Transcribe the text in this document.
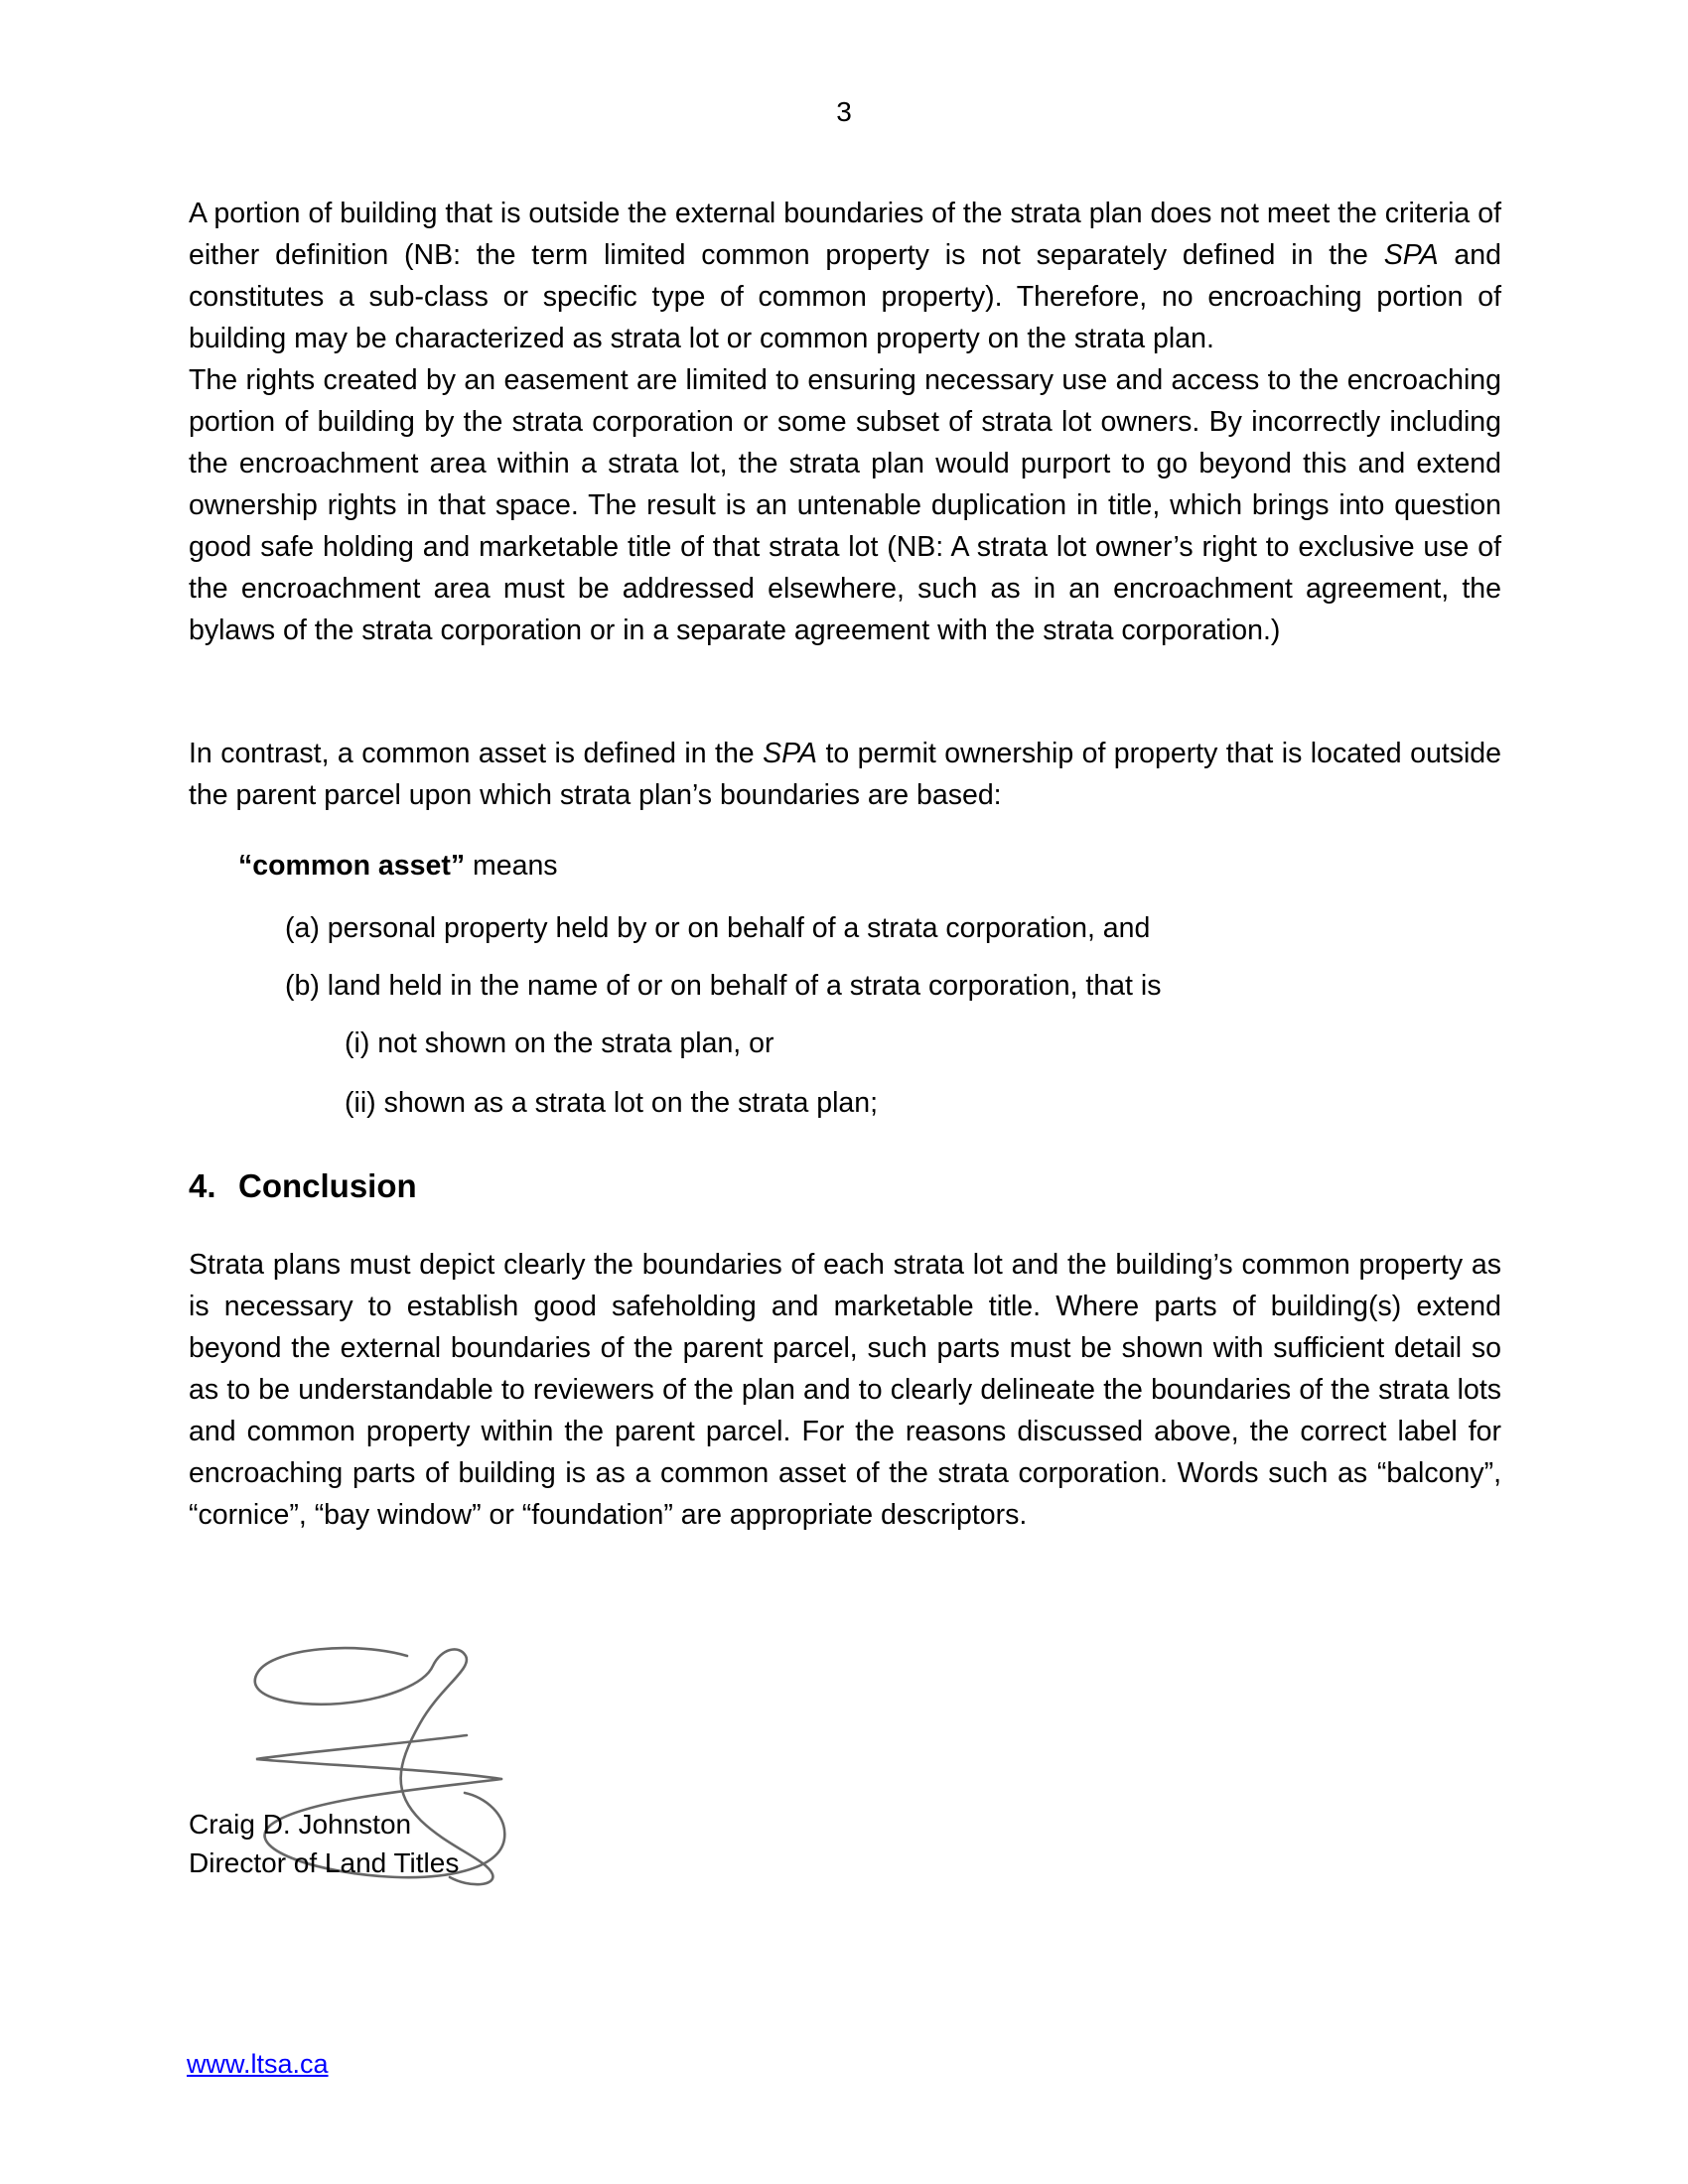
3

A portion of building that is outside the external boundaries of the strata plan does not meet the criteria of either definition (NB: the term limited common property is not separately defined in the SPA and constitutes a sub-class or specific type of common property). Therefore, no encroaching portion of building may be characterized as strata lot or common property on the strata plan.

The rights created by an easement are limited to ensuring necessary use and access to the encroaching portion of building by the strata corporation or some subset of strata lot owners. By incorrectly including the encroachment area within a strata lot, the strata plan would purport to go beyond this and extend ownership rights in that space. The result is an untenable duplication in title, which brings into question good safe holding and marketable title of that strata lot (NB: A strata lot owner’s right to exclusive use of the encroachment area must be addressed elsewhere, such as in an encroachment agreement, the bylaws of the strata corporation or in a separate agreement with the strata corporation.)

In contrast, a common asset is defined in the SPA to permit ownership of property that is located outside the parent parcel upon which strata plan’s boundaries are based:

“common asset” means

(a) personal property held by or on behalf of a strata corporation, and

(b) land held in the name of or on behalf of a strata corporation, that is

(i) not shown on the strata plan, or

(ii) shown as a strata lot on the strata plan;

4. Conclusion

Strata plans must depict clearly the boundaries of each strata lot and the building’s common property as is necessary to establish good safeholding and marketable title. Where parts of building(s) extend beyond the external boundaries of the parent parcel, such parts must be shown with sufficient detail so as to be understandable to reviewers of the plan and to clearly delineate the boundaries of the strata lots and common property within the parent parcel. For the reasons discussed above, the correct label for encroaching parts of building is as a common asset of the strata corporation. Words such as “balcony”, “cornice”, “bay window” or “foundation” are appropriate descriptors.

Craig D. Johnston
Director of Land Titles
www.ltsa.ca
